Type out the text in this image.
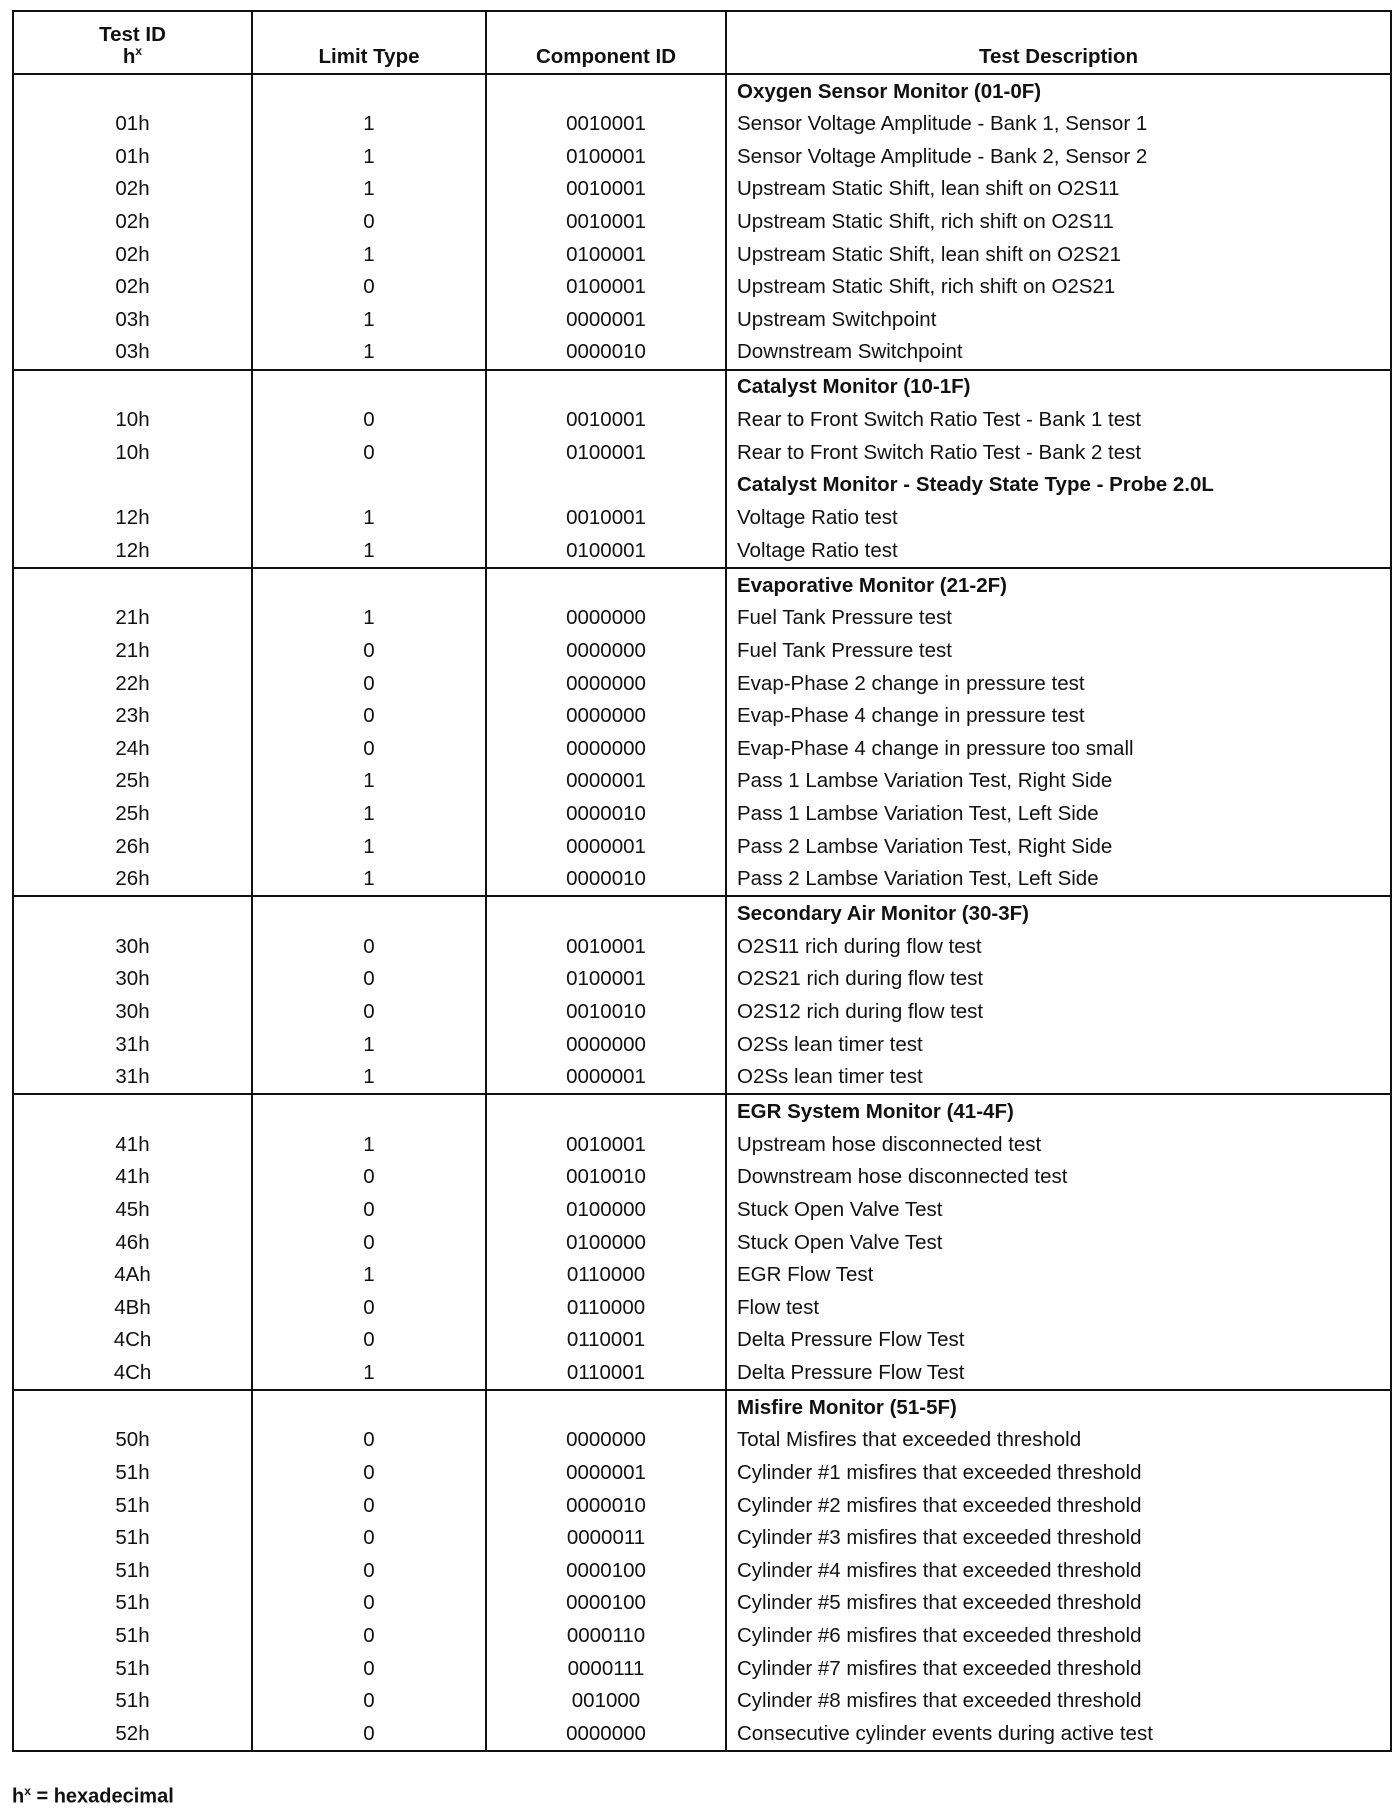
Test ID
$h^x$	Limit Type	Component ID	Test Description
			Oxygen Sensor Monitor (01-0F)
01h	1	0010001	Sensor Voltage Amplitude - Bank 1, Sensor 1
01h	1	0100001	Sensor Voltage Amplitude - Bank 2, Sensor 2
02h	1	0010001	Upstream Static Shift, lean shift on O2S11
02h	0	0010001	Upstream Static Shift, rich shift on O2S11
02h	1	0100001	Upstream Static Shift, lean shift on O2S21
02h	0	0100001	Upstream Static Shift, rich shift on O2S21
03h	1	0000001	Upstream Switchpoint
03h	1	0000010	Downstream Switchpoint
			Catalyst Monitor (10-1F)
10h	0	0010001	Rear to Front Switch Ratio Test - Bank 1 test
10h	0	0100001	Rear to Front Switch Ratio Test - Bank 2 test
			Catalyst Monitor - Steady State Type - Probe 2.0L
12h	1	0010001	Voltage Ratio test
12h	1	0100001	Voltage Ratio test
			Evaporative Monitor (21-2F)
21h	1	0000000	Fuel Tank Pressure test
21h	0	0000000	Fuel Tank Pressure test
22h	0	0000000	Evap-Phase 2 change in pressure test
23h	0	0000000	Evap-Phase 4 change in pressure test
24h	0	0000000	Evap-Phase 4 change in pressure too small
25h	1	0000001	Pass 1 Lambse Variation Test, Right Side
25h	1	0000010	Pass 1 Lambse Variation Test, Left Side
26h	1	0000001	Pass 2 Lambse Variation Test, Right Side
26h	1	0000010	Pass 2 Lambse Variation Test, Left Side
			Secondary Air Monitor (30-3F)
30h	0	0010001	O2S11 rich during flow test
30h	0	0100001	O2S21 rich during flow test
30h	0	0010010	O2S12 rich during flow test
31h	1	0000000	O2Ss lean timer test
31h	1	0000001	O2Ss lean timer test
			EGR System Monitor (41-4F)
41h	1	0010001	Upstream hose disconnected test
41h	0	0010010	Downstream hose disconnected test
45h	0	0100000	Stuck Open Valve Test
46h	0	0100000	Stuck Open Valve Test
4Ah	1	0110000	EGR Flow Test
4Bh	0	0110000	Flow test
4Ch	0	0110001	Delta Pressure Flow Test
4Ch	1	0110001	Delta Pressure Flow Test
			Misfire Monitor (51-5F)
50h	0	0000000	Total Misfires that exceeded threshold
51h	0	0000001	Cylinder #1 misfires that exceeded threshold
51h	0	0000010	Cylinder #2 misfires that exceeded threshold
51h	0	0000011	Cylinder #3 misfires that exceeded threshold
51h	0	0000100	Cylinder #4 misfires that exceeded threshold
51h	0	0000100	Cylinder #5 misfires that exceeded threshold
51h	0	0000110	Cylinder #6 misfires that exceeded threshold
51h	0	0000111	Cylinder #7 misfires that exceeded threshold
51h	0	001000	Cylinder #8 misfires that exceeded threshold
52h	0	0000000	Consecutive cylinder events during active test
$h^x$ = hexadecimal
